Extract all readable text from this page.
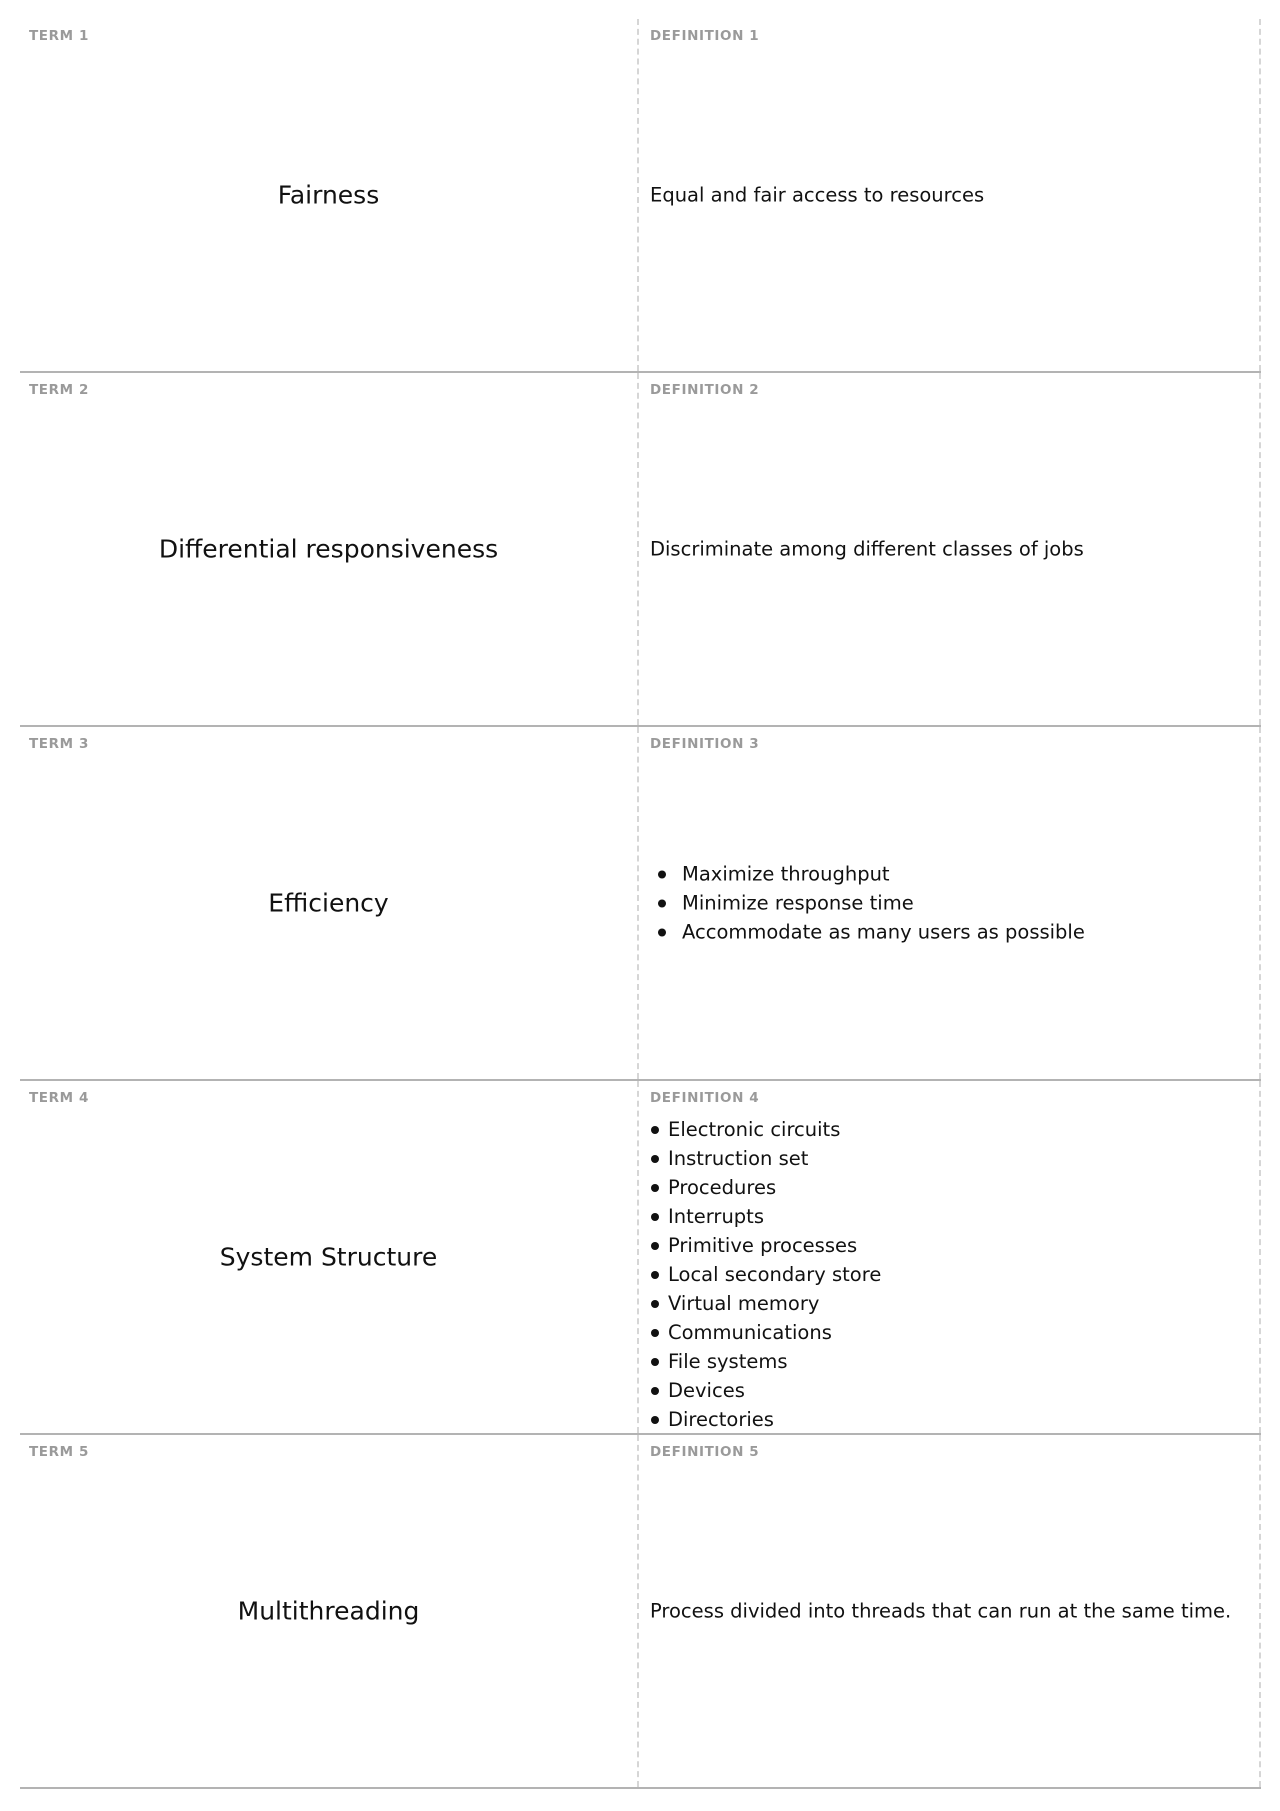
TERM 1
Fairness
DEFINITION 1
Equal and fair access to resources
TERM 2
Differential responsiveness
DEFINITION 2
Discriminate among different classes of jobs
TERM 3
Efficiency
DEFINITION 3
Maximize throughput
Minimize response time
Accommodate as many users as possible
TERM 4
System Structure
DEFINITION 4
Electronic circuits
Instruction set
Procedures
Interrupts
Primitive processes
Local secondary store
Virtual memory
Communications
File systems
Devices
Directories
TERM 5
Multithreading
DEFINITION 5
Process divided into threads that can run at the same time.
